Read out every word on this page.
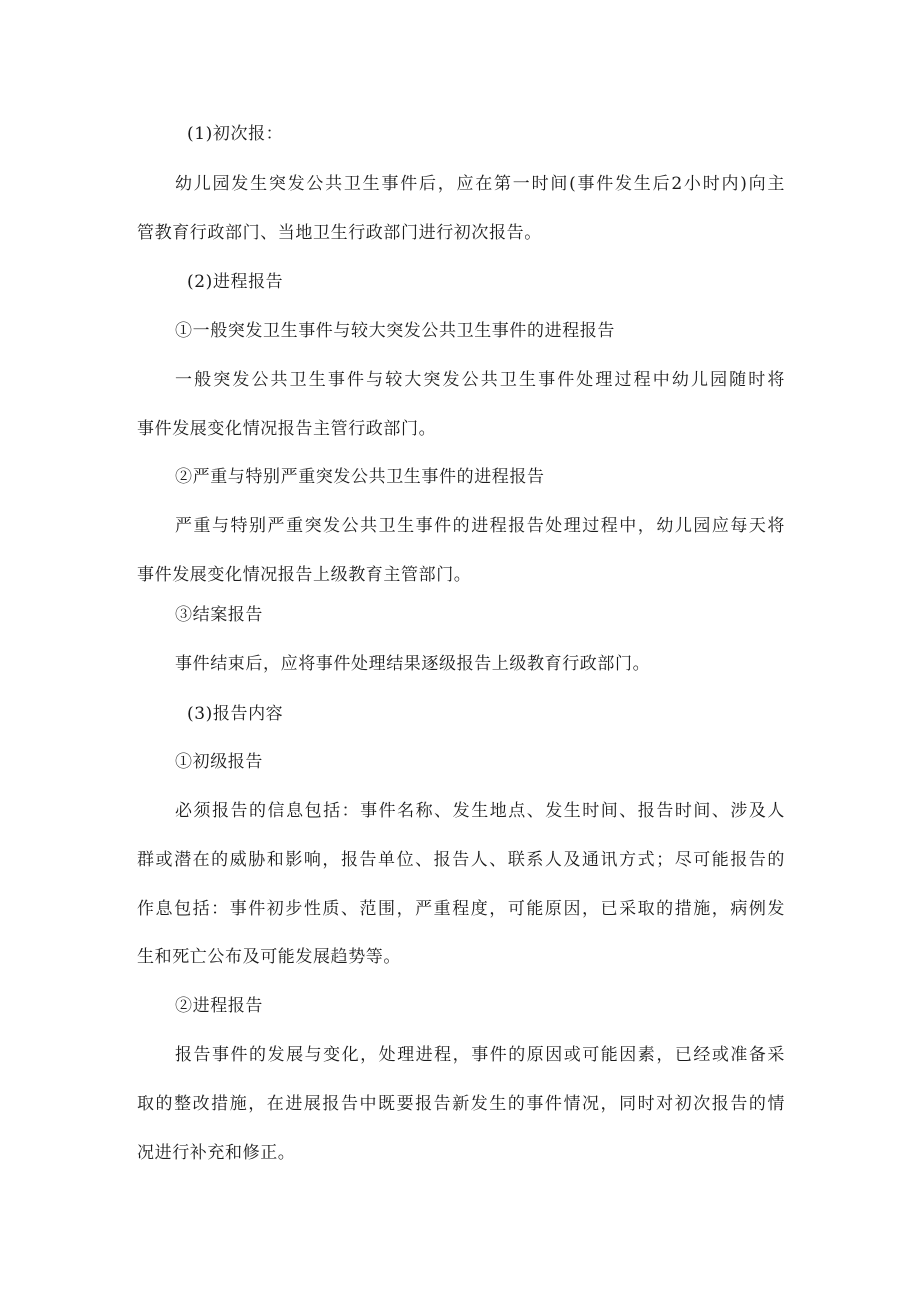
(1)初次报：
幼儿园发生突发公共卫生事件后，应在第一时间(事件发生后2小时内)向主
管教育行政部门、当地卫生行政部门进行初次报告。
(2)进程报告
①一般突发卫生事件与较大突发公共卫生事件的进程报告
一般突发公共卫生事件与较大突发公共卫生事件处理过程中幼儿园随时将
事件发展变化情况报告主管行政部门。
②严重与特别严重突发公共卫生事件的进程报告
严重与特别严重突发公共卫生事件的进程报告处理过程中，幼儿园应每天将
事件发展变化情况报告上级教育主管部门。
③结案报告
事件结束后，应将事件处理结果逐级报告上级教育行政部门。
(3)报告内容
①初级报告
必须报告的信息包括：事件名称、发生地点、发生时间、报告时间、涉及人
群或潜在的威胁和影响，报告单位、报告人、联系人及通讯方式；尽可能报告的
作息包括：事件初步性质、范围，严重程度，可能原因，已采取的措施，病例发
生和死亡公布及可能发展趋势等。
②进程报告
报告事件的发展与变化，处理进程，事件的原因或可能因素，已经或准备采
取的整改措施，在进展报告中既要报告新发生的事件情况，同时对初次报告的情
况进行补充和修正。
